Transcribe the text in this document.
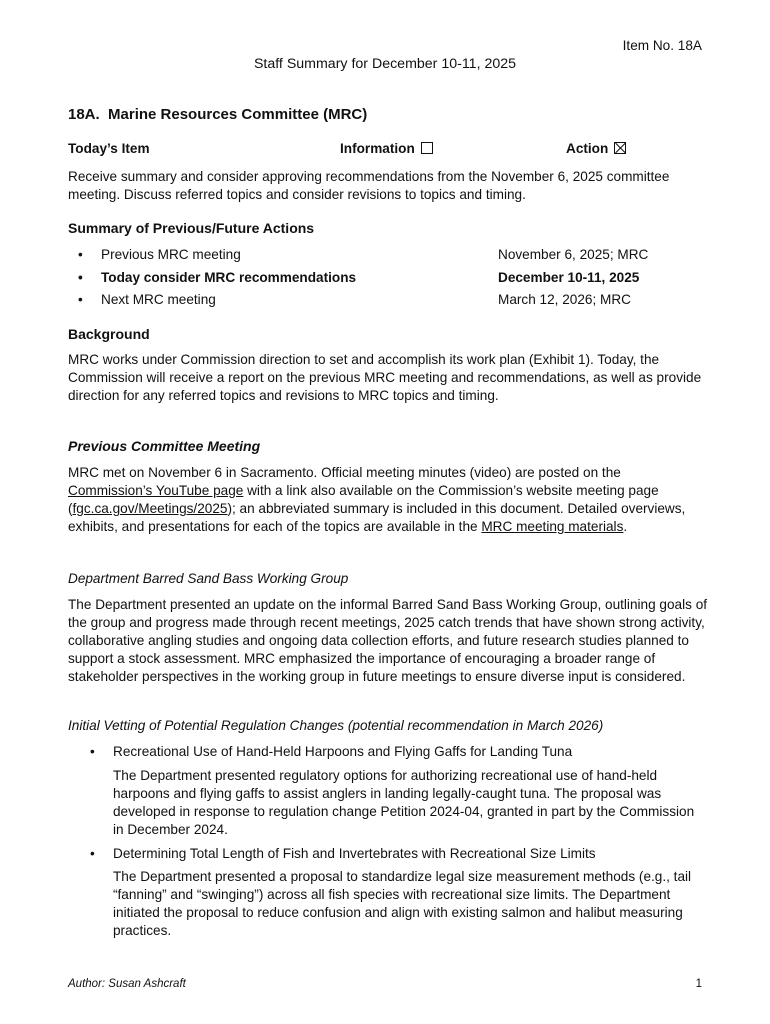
Item No. 18A
Staff Summary for December 10-11, 2025
18A.  Marine Resources Committee (MRC)
Today’s Item	Information	Action
Receive summary and consider approving recommendations from the November 6, 2025 committee meeting. Discuss referred topics and consider revisions to topics and timing.
Summary of Previous/Future Actions
• Previous MRC meeting	November 6, 2025; MRC
• Today consider MRC recommendations	December 10-11, 2025
• Next MRC meeting	March 12, 2026; MRC
Background
MRC works under Commission direction to set and accomplish its work plan (Exhibit 1). Today, the Commission will receive a report on the previous MRC meeting and recommendations, as well as provide direction for any referred topics and revisions to MRC topics and timing.
Previous Committee Meeting
MRC met on November 6 in Sacramento. Official meeting minutes (video) are posted on the Commission’s YouTube page with a link also available on the Commission’s website meeting page (fgc.ca.gov/Meetings/2025); an abbreviated summary is included in this document. Detailed overviews, exhibits, and presentations for each of the topics are available in the MRC meeting materials.
Department Barred Sand Bass Working Group
The Department presented an update on the informal Barred Sand Bass Working Group, outlining goals of the group and progress made through recent meetings, 2025 catch trends that have shown strong activity, collaborative angling studies and ongoing data collection efforts, and future research studies planned to support a stock assessment. MRC emphasized the importance of encouraging a broader range of stakeholder perspectives in the working group in future meetings to ensure diverse input is considered.
Initial Vetting of Potential Regulation Changes (potential recommendation in March 2026)
• Recreational Use of Hand-Held Harpoons and Flying Gaffs for Landing Tuna
The Department presented regulatory options for authorizing recreational use of hand-held harpoons and flying gaffs to assist anglers in landing legally-caught tuna. The proposal was developed in response to regulation change Petition 2024-04, granted in part by the Commission in December 2024.
• Determining Total Length of Fish and Invertebrates with Recreational Size Limits
The Department presented a proposal to standardize legal size measurement methods (e.g., tail “fanning” and “swinging”) across all fish species with recreational size limits. The Department initiated the proposal to reduce confusion and align with existing salmon and halibut measuring practices.
Author: Susan Ashcraft	1
